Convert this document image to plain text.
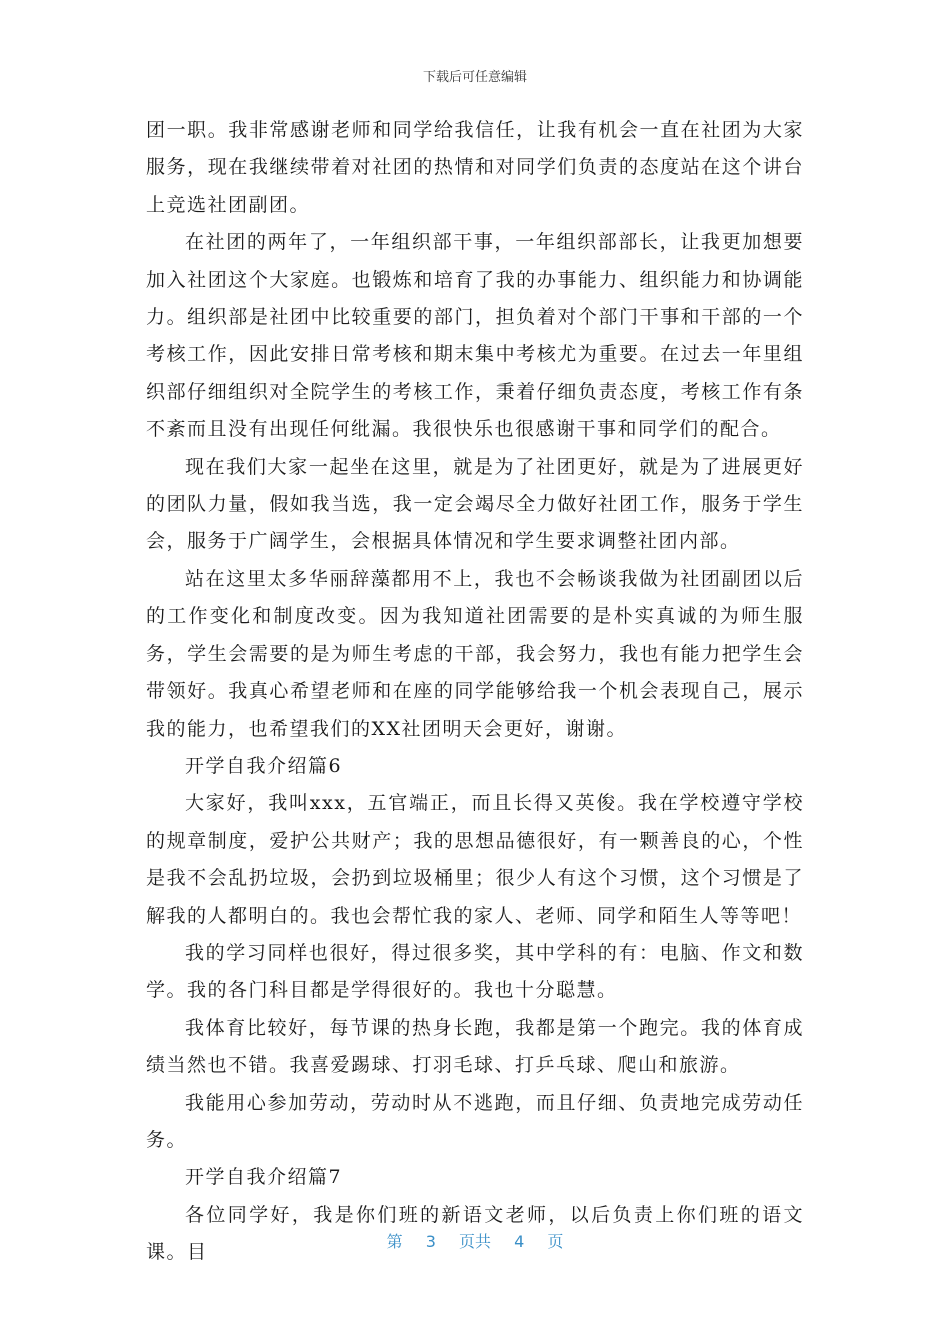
下载后可任意编辑

团一职。我非常感谢老师和同学给我信任，让我有机会一直在社团为大家服务，现在我继续带着对社团的热情和对同学们负责的态度站在这个讲台上竞选社团副团。

在社团的两年了，一年组织部干事，一年组织部部长，让我更加想要加入社团这个大家庭。也锻炼和培育了我的办事能力、组织能力和协调能力。组织部是社团中比较重要的部门，担负着对个部门干事和干部的一个考核工作，因此安排日常考核和期末集中考核尤为重要。在过去一年里组织部仔细组织对全院学生的考核工作，秉着仔细负责态度，考核工作有条不紊而且没有出现任何纰漏。我很快乐也很感谢干事和同学们的配合。

现在我们大家一起坐在这里，就是为了社团更好，就是为了进展更好的团队力量，假如我当选，我一定会竭尽全力做好社团工作，服务于学生会，服务于广阔学生，会根据具体情况和学生要求调整社团内部。

站在这里太多华丽辞藻都用不上，我也不会畅谈我做为社团副团以后的工作变化和制度改变。因为我知道社团需要的是朴实真诚的为师生服务，学生会需要的是为师生考虑的干部，我会努力，我也有能力把学生会带领好。我真心希望老师和在座的同学能够给我一个机会表现自己，展示我的能力，也希望我们的XX社团明天会更好，谢谢。

开学自我介绍篇6

大家好，我叫xxx，五官端正，而且长得又英俊。我在学校遵守学校的规章制度，爱护公共财产；我的思想品德很好，有一颗善良的心，个性是我不会乱扔垃圾，会扔到垃圾桶里；很少人有这个习惯，这个习惯是了解我的人都明白的。我也会帮忙我的家人、老师、同学和陌生人等等吧！

我的学习同样也很好，得过很多奖，其中学科的有：电脑、作文和数学。我的各门科目都是学得很好的。我也十分聪慧。

我体育比较好，每节课的热身长跑，我都是第一个跑完。我的体育成绩当然也不错。我喜爱踢球、打羽毛球、打乒乓球、爬山和旅游。

我能用心参加劳动，劳动时从不逃跑，而且仔细、负责地完成劳动任务。

开学自我介绍篇7

各位同学好，我是你们班的新语文老师，以后负责上你们班的语文课。目	第 3 页共 4 页
